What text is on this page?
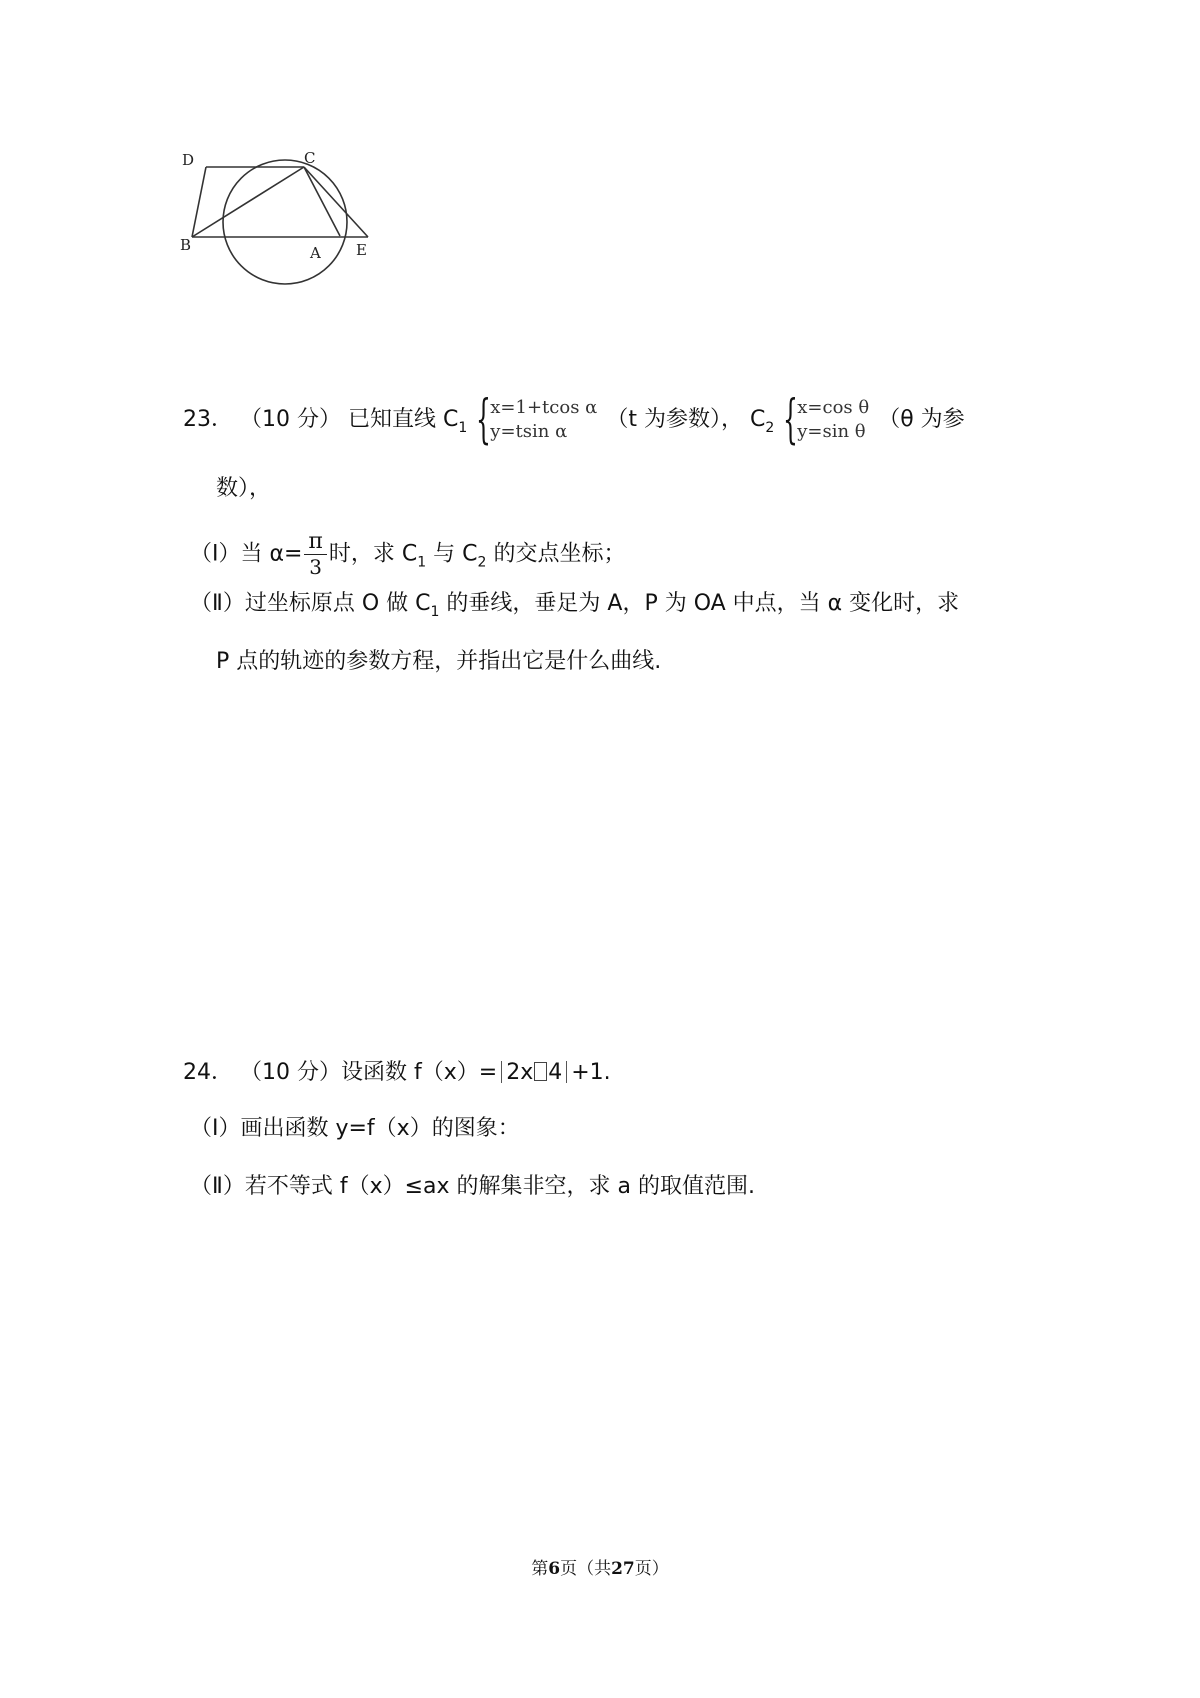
D	C
B	A E
23． （10 分） 已知直线 $C_1$ { x=1+tcos α
y=tsin α	（t 为参数）， $C_2$ { x=cos θ
y=sin θ （θ 为参
数），
（Ⅰ）当 $\alpha= \frac{\pi}{3}$ 时，求 $C_1$ 与 $C_2$ 的交点坐标；
（Ⅱ）过坐标原点 O 做 $C_1$ 的垂线，垂足为 A，P 为 OA 中点，当 α 变化时，求
P 点的轨迹的参数方程，并指出它是什么曲线.
24． （10 分）设函数 f（x）= 2x 4 +1.
（Ⅰ）画出函数 y=f（x）的图象：
（Ⅱ）若不等式 f（x）≤ax 的解集非空，求 a 的取值范围.
第6页（共27页）
